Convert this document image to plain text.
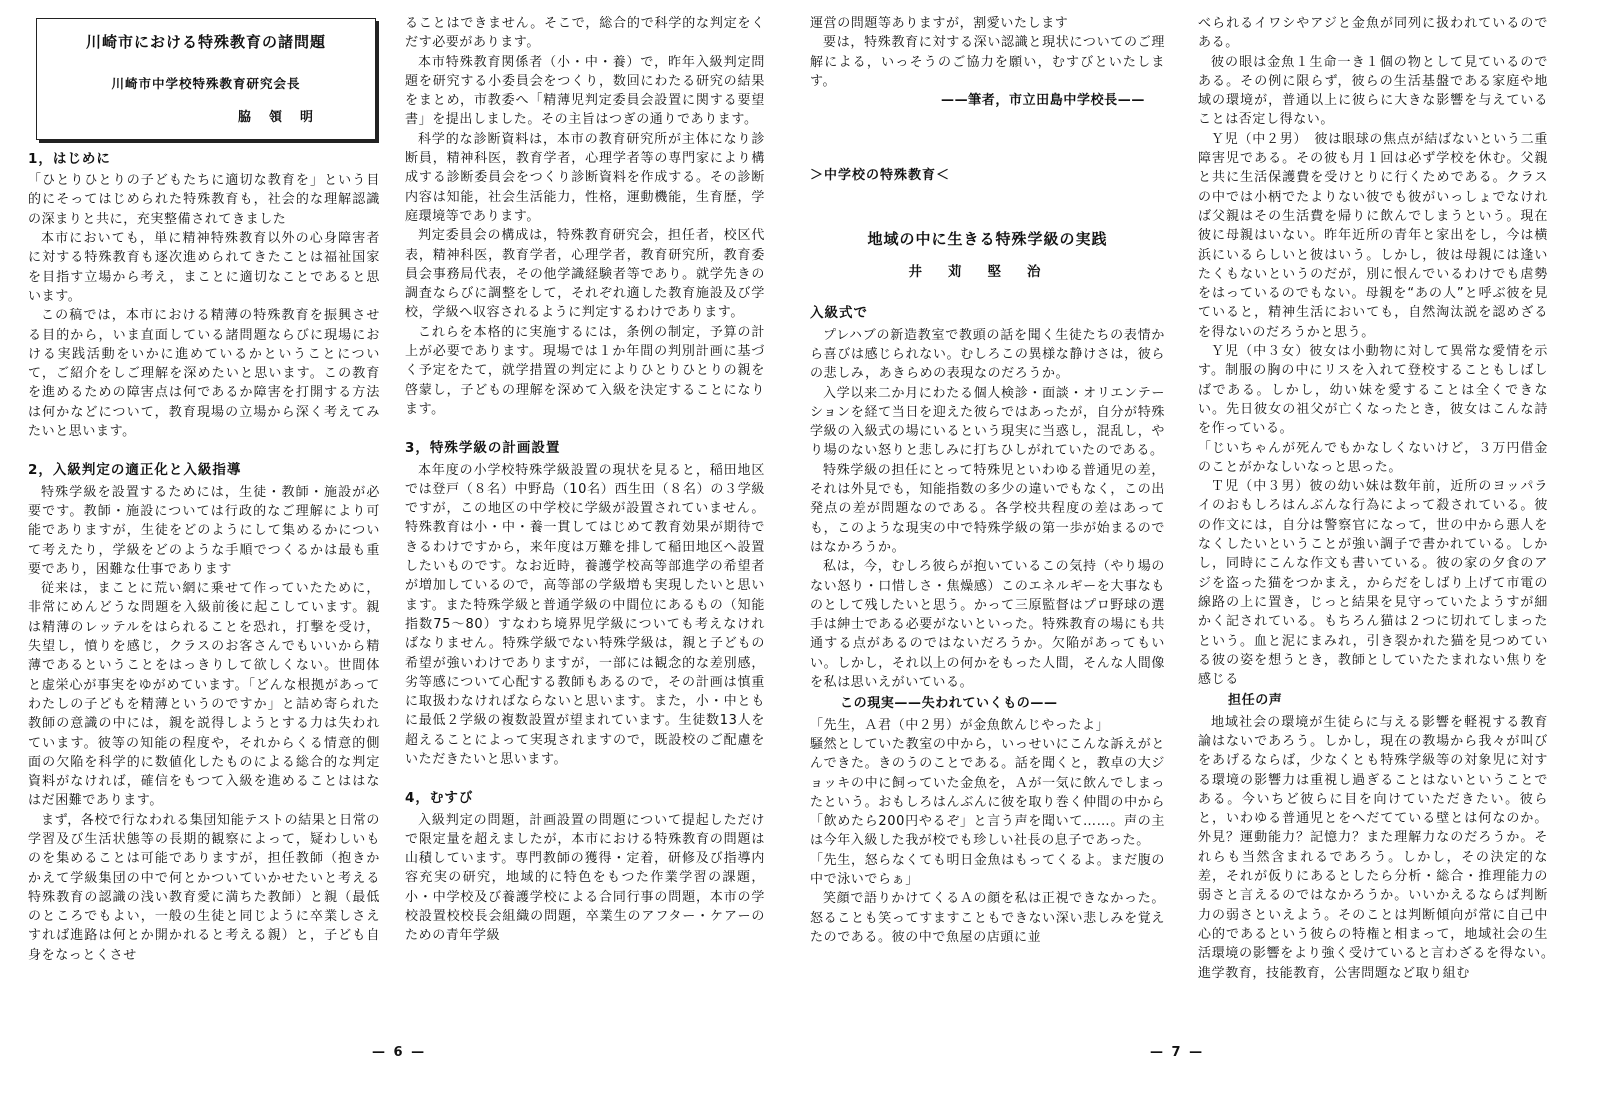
川崎市における特殊教育の諸問題
川崎市中学校特殊教育研究会長
脇領明
1，はじめに

「ひとりひとりの子どもたちに適切な教育を」という目的にそってはじめられた特殊教育も，社会的な理解認識の深まりと共に，充実整備されてきました

本市においても，単に精神特殊教育以外の心身障害者に対する特殊教育も逐次進められてきたことは福祉国家を目指す立場から考え，まことに適切なことであると思います。

この稿では，本市における精薄の特殊教育を振興させる目的から，いま直面している諸問題ならびに現場における実践活動をいかに進めているかということについて，ご紹介をしご理解を深めたいと思います。この教育を進めるための障害点は何であるか障害を打開する方法は何かなどについて，教育現場の立場から深く考えてみたいと思います。

2，入級判定の適正化と入級指導

特殊学級を設置するためには，生徒・教師・施設が必要です。教師・施設については行政的なご理解により可能でありますが，生徒をどのようにして集めるかについて考えたり，学級をどのような手順でつくるかは最も重要であり，困難な仕事であります

従来は，まことに荒い網に乗せて作っていたために，非常にめんどうな問題を入級前後に起こしています。親は精薄のレッテルをはられることを恐れ，打撃を受け，失望し，憤りを感じ，クラスのお客さんでもいいから精薄であるということをはっきりして欲しくない。世間体と虚栄心が事実をゆがめています。「どんな根拠があってわたしの子どもを精薄というのですか」と詰め寄られた教師の意識の中には，親を説得しようとする力は失われています。彼等の知能の程度や，それからくる情意的側面の欠陥を科学的に数値化したものによる総合的な判定資料がなければ，確信をもつて入級を進めることははなはだ困難であります。

まず，各校で行なわれる集団知能テストの結果と日常の学習及び生活状態等の長期的観察によって，疑わしいものを集めることは可能でありますが，担任教師（抱きかかえて学級集団の中で何とかついていかせたいと考える特殊教育の認識の浅い教育愛に満ちた教師）と親（最低のところでもよい，一般の生徒と同じように卒業しさえすれば進路は何とか開かれると考える親）と，子ども自身をなっとくさせ

ることはできません。そこで，総合的で科学的な判定をくだす必要があります。

本市特殊教育関係者（小・中・養）で，昨年入級判定問題を研究する小委員会をつくり，数回にわたる研究の結果をまとめ，市教委へ「精薄児判定委員会設置に関する要望書」を提出しました。その主旨はつぎの通りであります。

科学的な診断資料は，本市の教育研究所が主体になり診断員，精神科医，教育学者，心理学者等の専門家により構成する診断委員会をつくり診断資料を作成する。その診断内容は知能，社会生活能力，性格，運動機能，生育歴，学庭環境等であります。

判定委員会の構成は，特殊教育研究会，担任者，校区代表，精神科医，教育学者，心理学者，教育研究所，教育委員会事務局代表，その他学識経験者等であり。就学先きの調査ならびに調整をして，それぞれ適した教育施設及び学校，学級へ収容されるように判定するわけであります。

これらを本格的に実施するには，条例の制定，予算の計上が必要であります。現場では１か年間の判別計画に基づく予定をたて，就学措置の判定によりひとりひとりの親を啓蒙し，子どもの理解を深めて入級を決定することになります。

3，特殊学級の計画設置

本年度の小学校特殊学級設置の現状を見ると，稲田地区では登戸（８名）中野島（10名）西生田（８名）の３学級ですが，この地区の中学校に学級が設置されていません。特殊教育は小・中・養一貫してはじめて教育効果が期待できるわけですから，来年度は万難を排して稲田地区へ設置したいものです。なお近時，養護学校高等部進学の希望者が増加しているので，高等部の学級増も実現したいと思います。また特殊学級と普通学級の中間位にあるもの（知能指数75～80）すなわち境界児学級についても考えなければなりません。特殊学級でない特殊学級は，親と子どもの希望が強いわけでありますが，一部には観念的な差別感，劣等感について心配する教師もあるので，その計画は慎重に取扱わなければならないと思います。また，小・中ともに最低２学級の複数設置が望まれています。生徒数13人を超えることによって実現されますので，既設校のご配慮をいただきたいと思います。

4，むすび

入級判定の問題，計画設置の問題について提起しただけで限定量を超えましたが，本市における特殊教育の問題は山積しています。専門教師の獲得・定着，研修及び指導内容充実の研究，地域的に特色をもつた作業学習の課題，小・中学校及び養護学校による合同行事の問題，本市の学校設置校校長会組織の問題，卒業生のアフター・ケアーのための青年学級

— 6 —

運営の問題等ありますが，割愛いたします

要は，特殊教育に対する深い認識と現状についてのご理解による，いっそうのご協力を願い，むすびといたします。

——筆者，市立田島中学校長——
＞中学校の特殊教育＜
地域の中に生きる特殊学級の実践
井苅堅治
入級式で

プレハブの新造教室で教頭の話を聞く生徒たちの表情から喜びは感じられない。むしろこの異様な静けさは，彼らの悲しみ，あきらめの表現なのだろうか。

入学以来二か月にわたる個人検診・面談・オリエンテーションを経て当日を迎えた彼らではあったが，自分が特殊学級の入級式の場にいるという現実に当惑し，混乱し，やり場のない怒りと悲しみに打ちひしがれていたのである。

特殊学級の担任にとって特殊児といわゆる普通児の差，それは外見でも，知能指数の多少の違いでもなく，この出発点の差が問題なのである。各学校共程度の差はあっても，このような現実の中で特殊学級の第一歩が始まるのではなかろうか。

私は，今，むしろ彼らが抱いているこの気持（やり場のない怒り・口惜しさ・焦燥感）このエネルギーを大事なものとして残したいと思う。かって三原監督はプロ野球の選手は紳士である必要がないといった。特殊教育の場にも共通する点があるのではないだろうか。欠陥があってもいい。しかし，それ以上の何かをもった人間，そんな人間像を私は思いえがいている。

この現実——失われていくもの——

「先生，Ａ君（中２男）が金魚飲んじやったよ」

騒然としていた教室の中から，いっせいにこんな訴えがとんできた。きのうのことである。話を聞くと，教卓の大ジョッキの中に飼っていた金魚を，Ａが一気に飲んでしまったという。おもしろはんぶんに彼を取り巻く仲間の中から「飲めたら200円やるぞ」と言う声を聞いて……。声の主は今年入級した我が校でも珍しい社長の息子であった。

「先生，怒らなくても明日金魚はもってくるよ。まだ腹の中で泳いでらぁ」

笑顔で語りかけてくるＡの顔を私は正視できなかった。怒ることも笑ってすますこともできない深い悲しみを覚えたのである。彼の中で魚屋の店頭に並

べられるイワシやアジと金魚が同列に扱われているのである。

彼の眼は金魚１生命一き１個の物として見ているのである。その例に限らず，彼らの生活基盤である家庭や地域の環境が，普通以上に彼らに大きな影響を与えていることは否定し得ない。

Ｙ児（中２男）　彼は眼球の焦点が結ばないという二重障害児である。その彼も月１回は必ず学校を休む。父親と共に生活保護費を受けとりに行くためである。クラスの中では小柄でたよりない彼でも彼がいっしょでなければ父親はその生活費を帰りに飲んでしまうという。現在彼に母親はいない。昨年近所の青年と家出をし，今は横浜にいるらしいと彼はいう。しかし，彼は母親には逢いたくもないというのだが，別に恨んでいるわけでも虐勢をはっているのでもない。母親を“あの人”と呼ぶ彼を見ていると，精神生活においても，自然淘汰説を認めざるを得ないのだろうかと思う。

Ｙ児（中３女）彼女は小動物に対して異常な愛情を示す。制服の胸の中にリスを入れて登校することもしばしばである。しかし，幼い妹を愛することは全くできない。先日彼女の祖父が亡くなったとき，彼女はこんな詩を作っている。

「じいちゃんが死んでもかなしくないけど，３万円借金のことがかなしいなっと思った。

Ｔ児（中３男）彼の幼い妹は数年前，近所のヨッパライのおもしろはんぶんな行為によって殺されている。彼の作文には，自分は警察官になって，世の中から悪人をなくしたいということが強い調子で書かれている。しかし，同時にこんな作文も書いている。彼の家の夕食のアジを盗った猫をつかまえ，からだをしばり上げて市電の線路の上に置き，じっと結果を見守っていたようすが細かく記されている。もちろん猫は２つに切れてしまったという。血と泥にまみれ，引き裂かれた猫を見つめている彼の姿を想うとき，教師としていたたまれない焦りを感じる

担任の声

地域社会の環境が生徒らに与える影響を軽視する教育論はないであろう。しかし，現在の教場から我々が叫びをあげるならば，少なくとも特殊学級等の対象児に対する環境の影響力は重視し過ぎることはないということである。今いちど彼らに目を向けていただきたい。彼らと，いわゆる普通児とをへだてている壁とは何なのか。外見？運動能力？記憶力？また理解力なのだろうか。それらも当然含まれるであろう。しかし，その決定的な差，それが仮りにあるとしたら分析・総合・推理能力の弱さと言えるのではなかろうか。いいかえるならば判断力の弱さといえよう。そのことは判断傾向が常に自己中心的であるという彼らの特権と相まって，地域社会の生活環境の影響をより強く受けていると言わざるを得ない。　進学教育，技能教育，公害問題など取り組む

— 7 —
